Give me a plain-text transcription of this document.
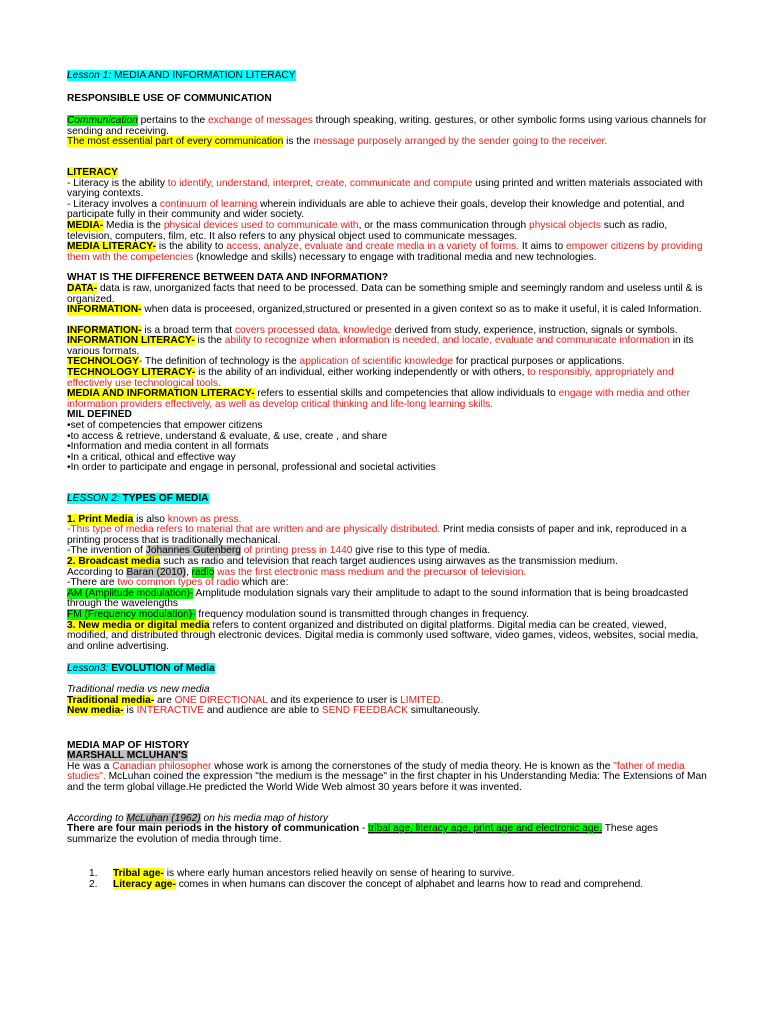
Lesson 1: MEDIA AND INFORMATION LITERACY

RESPONSIBLE USE OF COMMUNICATION

Communication pertains to the exchange of messages through speaking, writing. gestures, or other symbolic forms using various channels for sending and receiving.

The most essential part of every communication is the message purposely arranged by the sender going to the receiver.

LITERACY

- Literacy is the ability to identify, understand, interpret, create, communicate and compute using printed and written materials associated with varying contexts.

- Literacy involves a continuum of learning wherein individuals are able to achieve their goals, develop their knowledge and potential, and participate fully in their community and wider society.

MEDIA- Media is the physical devices used to communicate with, or the mass communication through physical objects such as radio, television, computers, film, etc. It also refers to any physical object used to communicate messages.

MEDIA LITERACY- is the ability to access, analyze, evaluate and create media in a variety of forms. It aims to empower citizens by providing them with the competencies (knowledge and skills) necessary to engage with traditional media and new technologies.

WHAT IS THE DIFFERENCE BETWEEN DATA AND INFORMATION?

DATA- data is raw, unorganized facts that need to be processed. Data can be something smiple and seemingly random and useless until & is organized.

INFORMATION- when data is proceesed, organized,structured or presented in a given context so as to make it useful, it is caled Information.

INFORMATION- is a broad term that covers processed data, knowledge derived from study, experience, instruction, signals or symbols.

INFORMATION LITERACY- is the ability to recognize when information is needed, and locate, evaluate and communicate information in its various formats.

TECHNOLOGY- The definition of technology is the application of scientific knowledge for practical purposes or applications.

TECHNOLOGY LITERACY- is the ability of an individual, either working independently or with others, to responsibly, appropriately and effectively use technological tools.

MEDIA AND INFORMATION LITERACY- refers to essential skills and competencies that allow individuals to engage with media and other information providers effectively, as well as develop critical thinking and life-long learning skills.

MIL DEFINED

•set of competencies that empower citizens

•to access & retrieve, understand & evaluate, & use, create , and share

•Information and media content in all formats

•In a critical, othical and effective way

•In order to participate and engage in personal, professional and societal activities

LESSON 2: TYPES OF MEDIA

1. Print Media is also known as press.

-This type of media refers to material that are written and are physically distributed. Print media consists of paper and ink, reproduced in a printing process that is traditionally mechanical.

-The invention of Johannes Gutenberg of printing press in 1440 give rise to this type of media.

2. Broadcast media such as radio and television that reach target audiences using airwaves as the transmission medium.

According to Baran (2010), radio was the first electronic mass medium and the precursor of television.

-There are two common types of radio which are:

AM (Amplitude modulation)- Amplitude modulation signals vary their amplitude to adapt to the sound information that is being broadcasted through the wavelengths

FM (Frequency modulation)- frequency modulation sound is transmitted through changes in frequency.

3. New media or digital media refers to content organized and distributed on digital platforms. Digital media can be created, viewed, modified, and distributed through electronic devices. Digital media is commonly used software, video games, videos, websites, social media, and online advertising.

Lesson3: EVOLUTION of Media

Traditional media vs new media

Traditional media- are ONE DIRECTIONAL and its experience to user is LIMITED.

New media- is INTERACTIVE and audience are able to SEND FEEDBACK simultaneously.

MEDIA MAP OF HISTORY

MARSHALL MCLUHAN'S

He was a Canadian philosopher whose work is among the cornerstones of the study of media theory. He is known as the "father of media studies". McLuhan coined the expression "the medium is the message" in the first chapter in his Understanding Media: The Extensions of Man and the term global village.He predicted the World Wide Web almost 30 years before it was invented.

According to McLuhan (1962) on his media map of history

There are four main periods in the history of communication - tribal age, literacy age, print age and electronic age. These ages summarize the evolution of media through time.

1.	Tribal age- is where early human ancestors relied heavily on sense of hearing to survive.
2.	Literacy age- comes in when humans can discover the concept of alphabet and learns how to read and comprehend.
